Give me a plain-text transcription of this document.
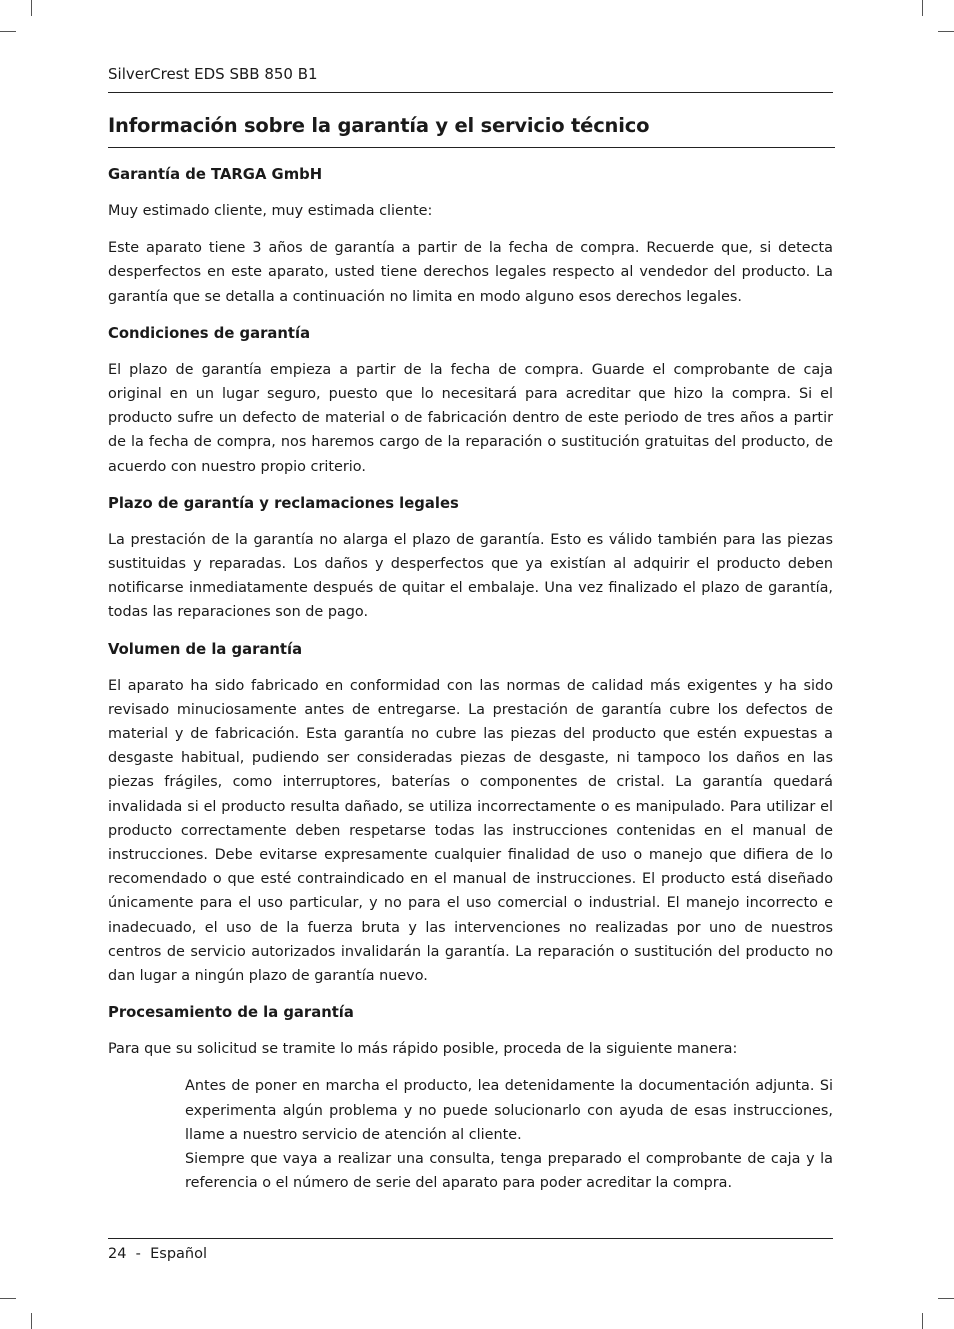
SilverCrest EDS SBB 850 B1
Información sobre la garantía y el servicio técnico
Garantía de TARGA GmbH

Muy estimado cliente, muy estimada cliente:

Este aparato tiene 3 años de garantía a partir de la fecha de compra. Recuerde que, si detecta desperfectos en este aparato, usted tiene derechos legales respecto al vendedor del producto. La garantía que se detalla a continuación no limita en modo alguno esos derechos legales.

Condiciones de garantía

El plazo de garantía empieza a partir de la fecha de compra. Guarde el comprobante de caja original en un lugar seguro, puesto que lo necesitará para acreditar que hizo la compra. Si el producto sufre un defecto de material o de fabricación dentro de este periodo de tres años a partir de la fecha de compra, nos haremos cargo de la reparación o sustitución gratuitas del producto, de acuerdo con nuestro propio criterio.

Plazo de garantía y reclamaciones legales

La prestación de la garantía no alarga el plazo de garantía. Esto es válido también para las piezas sustituidas y reparadas. Los daños y desperfectos que ya existían al adquirir el producto deben notificarse inmediatamente después de quitar el embalaje. Una vez finalizado el plazo de garantía, todas las reparaciones son de pago.

Volumen de la garantía

El aparato ha sido fabricado en conformidad con las normas de calidad más exigentes y ha sido revisado minuciosamente antes de entregarse. La prestación de garantía cubre los defectos de material y de fabricación. Esta garantía no cubre las piezas del producto que estén expuestas a desgaste habitual, pudiendo ser consideradas piezas de desgaste, ni tampoco los daños en las piezas frágiles, como interruptores, baterías o componentes de cristal. La garantía quedará invalidada si el producto resulta dañado, se utiliza incorrectamente o es manipulado. Para utilizar el producto correctamente deben respetarse todas las instrucciones contenidas en el manual de instrucciones. Debe evitarse expresamente cualquier finalidad de uso o manejo que difiera de lo recomendado o que esté contraindicado en el manual de instrucciones. El producto está diseñado únicamente para el uso particular, y no para el uso comercial o industrial. El manejo incorrecto e inadecuado, el uso de la fuerza bruta y las intervenciones no realizadas por uno de nuestros centros de servicio autorizados invalidarán la garantía. La reparación o sustitución del producto no dan lugar a ningún plazo de garantía nuevo.

Procesamiento de la garantía

Para que su solicitud se tramite lo más rápido posible, proceda de la siguiente manera:

Antes de poner en marcha el producto, lea detenidamente la documentación adjunta. Si experimenta algún problema y no puede solucionarlo con ayuda de esas instrucciones, llame a nuestro servicio de atención al cliente.
Siempre que vaya a realizar una consulta, tenga preparado el comprobante de caja y la referencia o el número de serie del aparato para poder acreditar la compra.
24 - Español
